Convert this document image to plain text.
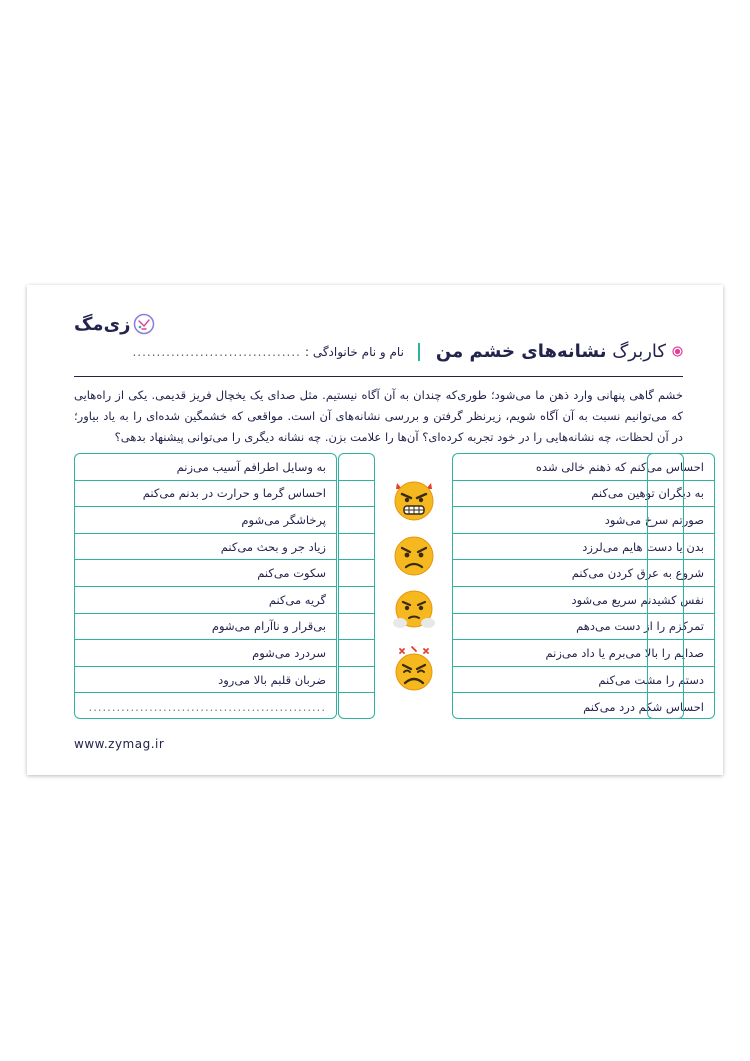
زی‌مگ
کاربرگ نشانه‌های خشم من
نام و نام خانوادگی :
...................................
خشم گاهی پنهانی وارد ذهن ما می‌شود؛ طوری‌که چندان به آن آگاه نیستیم. مثل صدای یک یخچال فریز قدیمی. یکی از راه‌هایی که می‌توانیم نسبت به آن آگاه شویم، زیرنظر گرفتن و بررسی نشانه‌های آن است. مواقعی که خشمگین شده‌ای را به یاد بیاور؛ در آن لحظات، چه نشانه‌هایی را در خود تجربه کرده‌ای؟ آن‌ها را علامت بزن. چه نشانه دیگری را می‌توانی پیشنهاد بدهی؟
احساس می‌کنم که ذهنم خالی شده
به دیگران توهین می‌کنم
صورتم سرخ می‌شود
بدن یا دست هایم می‌لرزد
شروع به عرق کردن می‌کنم
نفس کشیدنم سریع می‌شود
تمرکزم را از دست می‌دهم
صدایم را بالا می‌برم یا داد می‌زنم
دستم را مشت می‌کنم
احساس شکم درد می‌کنم
به وسایل اطرافم آسیب می‌زنم
احساس گرما و حرارت در بدنم می‌کنم
پرخاشگر می‌شوم
زیاد جر و بحث می‌کنم
سکوت می‌کنم
گریه می‌کنم
بی‌قرار و ناآرام می‌شوم
سردرد می‌شوم
ضربان قلبم بالا می‌رود
...................................................
www.zymag.ir
